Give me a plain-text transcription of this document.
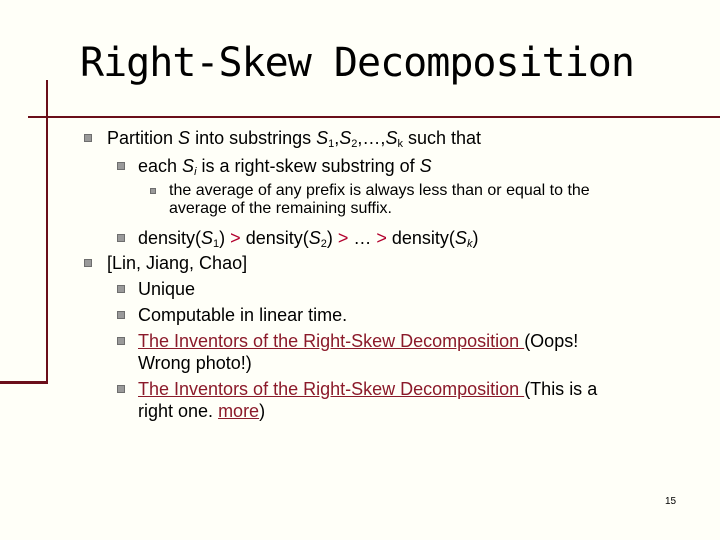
Right-Skew Decomposition
Partition S into substrings $S_1,S_2,\dots,S_k$ such that
each $S_i$ is a right-skew substring of S
the average of any prefix is always less than or equal to the
average of the remaining suffix.
$density(S_1)$ > $density(S_2)$ > … > $density(S_k)$
[Lin, Jiang, Chao]
Unique
Computable in linear time.
The Inventors of the Right-Skew Decomposition (Oops!
Wrong photo!)
The Inventors of the Right-Skew Decomposition (This is a
right one. more)
15
